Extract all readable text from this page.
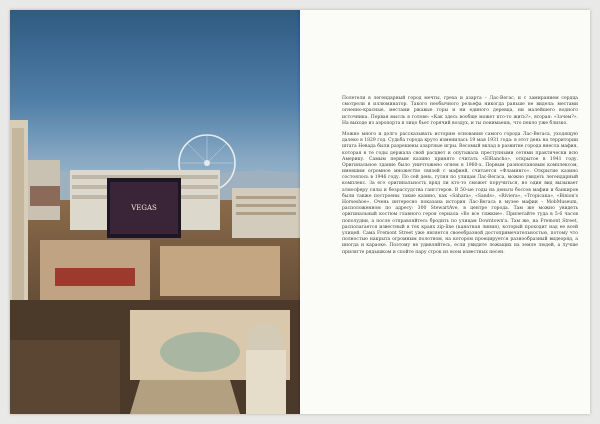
VEGAS

Полетели в легендарный город мечты, греха и азарта – Лас-Вегас, и с замиранием сердца смотрели в иллюминатор. Такого необычного рельефа никогда раньше не видела: местами огненно-красные, местами ржавые горы и ни единого деревца, ни малейшего водного источника. Первая мысль в голове: «Как здесь вообще может кто-то жить?», вторая: «Зачем?». На выходе из аэропорта в лицо бьет горячий воздух, и ты понимаешь, что пекло уже близко.

Можно много и долго рассказывать историю основания самого города Лас-Вегаса, уходящую далеко в 1829 год. Судьба города круто изменилась 19 мая 1931 года: в этот день на территории штата Невада были разрешены азартные игры. Весомый вклад в развитие города внесла мафия, которая в те годы держала свой расцвет и опутывала преступными сетями практически всю Америку. Самым первым казино принято считать «ElRancho», открытое в 1941 году. Оригинальное здание было уничтожено огнем в 1960-х. Первым разноплановым комплексом, имевшим огромное множество связей с мафией, считается «Фламинго». Открытие казино состоялось в 1946 году. По сей день, гуляя по улицам Лас-Вегаса, можно увидеть легендарный комплекс. За его оригинальность вряд ли кто-то сможет поручиться, но один вид вызывает атмосферу силы и безрассудства гангстеров. В 50-ые годы на деньги боссов мафии и банкиров были также построены такие казино, как «Sahara», «Sands», «Riviera», «Tropicana», «Binion's Horseshoe». Очень интересно показана история Лас-Вегаса в музее мафии – MobMuseum, расположенном по адресу: 300 StewartAve, в центре города. Там же можно увидеть оригинальный костюм главного героя сериала «Во все тяжкие». Прилетайте туда в 5-6 часов пополудни, а после отправляйтесь бродить по улицам Downtown'а. Там же, на Fremont Street, располагается известный в тех краях zip-line (канатная линия), который проходит над ее всей улицей. Сама Fremont Street уже является своеобразной достопримечательностью, потому что полностью накрыта огромным полотном, на котором проецируется разнообразный видеоряд, а иногда и караоке. Поэтому не удивляйтесь, если увидите лежащих на земле людей, а лучше прилягте рядышком и спойте пару строк из всем известных песен.
